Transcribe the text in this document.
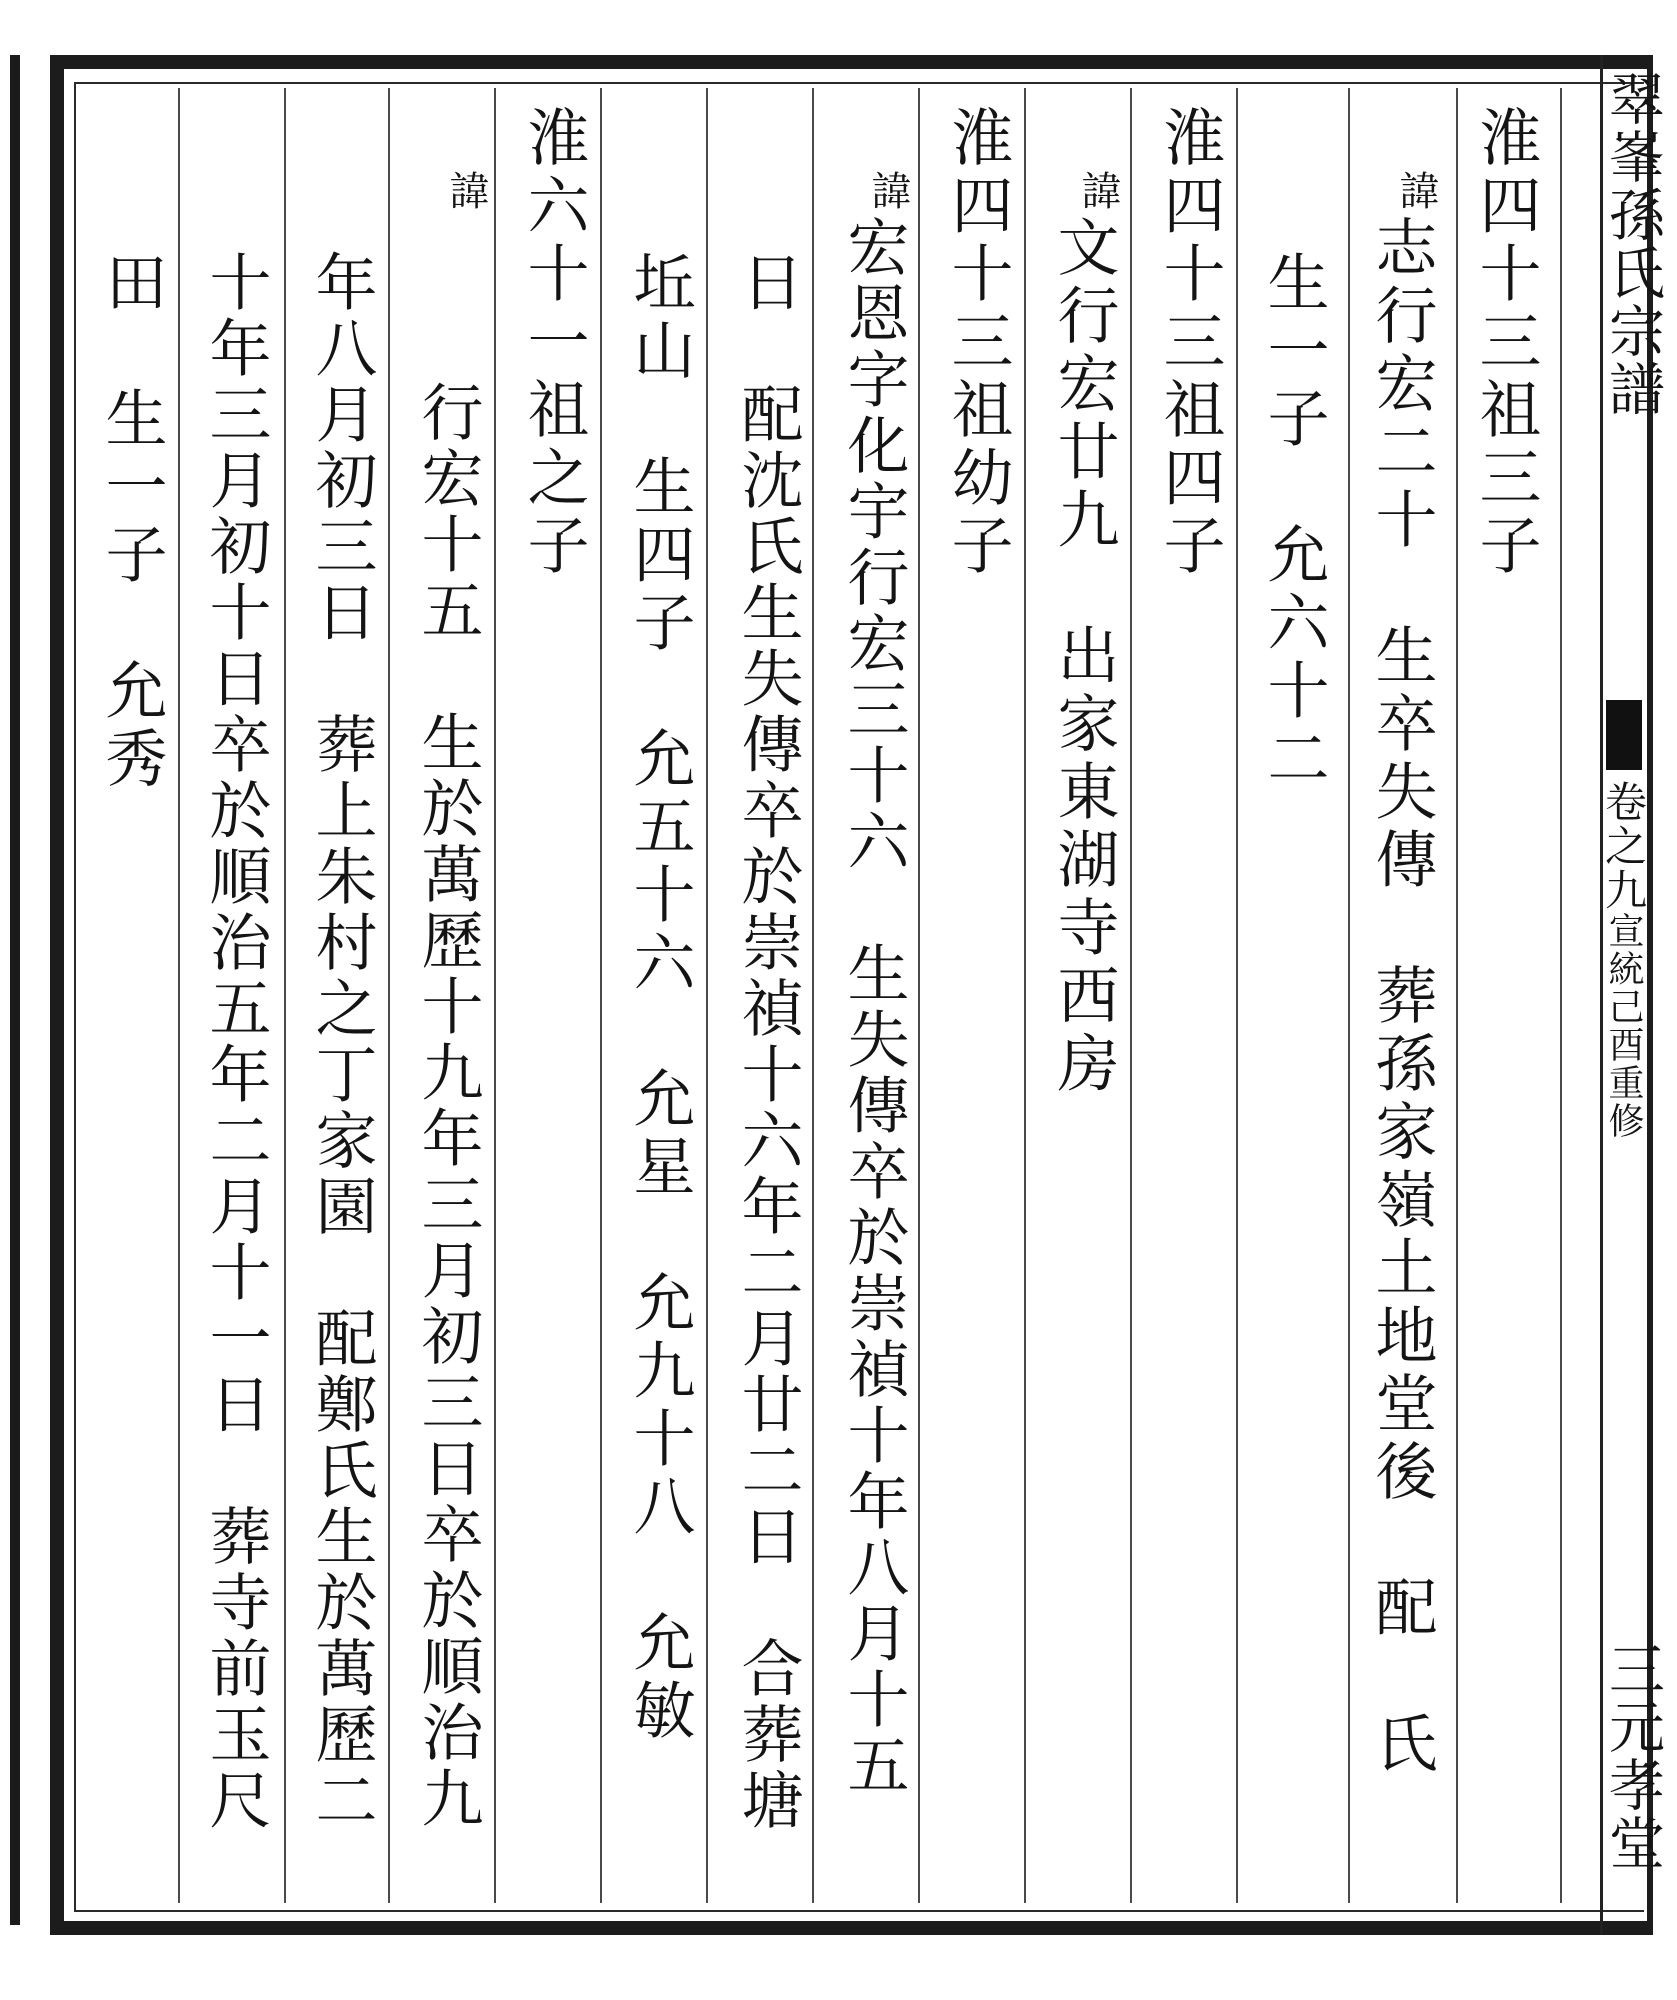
翠峯孫氏宗譜
卷之九宣統己酉重修
三元孝堂
淮四十三祖三子
諱
志行宏二十　生卒失傳　葬孫家嶺土地堂後　配　氏
生一子　允六十二
淮四十三祖四子
諱
文行宏廿九　出家東湖寺西房
淮四十三祖幼子
諱
宏恩字化宇行宏三十六　生失傳卒於崇禎十年八月十五
日　配沈氏生失傳卒於崇禎十六年二月廿二日　合葬塘
坵山　生四子　允五十六　允星　允九十八　允敏
淮六十一祖之子
諱
行宏十五　生於萬歷十九年三月初三日卒於順治九
年八月初三日　葬上朱村之丁家園　配鄭氏生於萬歷二
十年三月初十日卒於順治五年二月十一日　葬寺前玉尺
田　生一子　允秀
